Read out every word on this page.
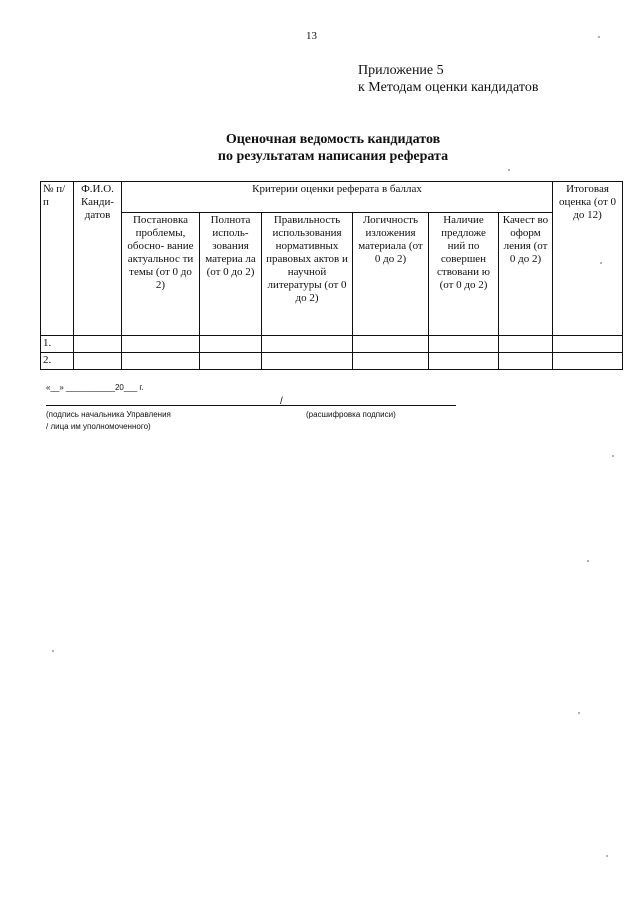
13
Приложение 5
к Методам оценки кандидатов
Оценочная ведомость кандидатов
по результатам написания реферата
№ п/ п	Ф.И.О. Канди- датов	Критерии оценки реферата в баллах						Итоговая оценка (от 0 до 12)
		Постановка проблемы, обосно- вание актуальнос ти темы (от 0 до 2)	Полнота исполь- зования материа ла (от 0 до 2)	Правильность использования нормативных правовых актов и научной литературы (от 0 до 2)	Логичность изложения материала (от 0 до 2)	Наличие предложе ний по совершен ствовани ю (от 0 до 2)	Качест во оформ ления (от 0 до 2)	
1.								
2.								
«__» ___________20___ г.
/
(подпись начальника Управления
/ лица им уполномоченного)
(расшифровка подписи)
